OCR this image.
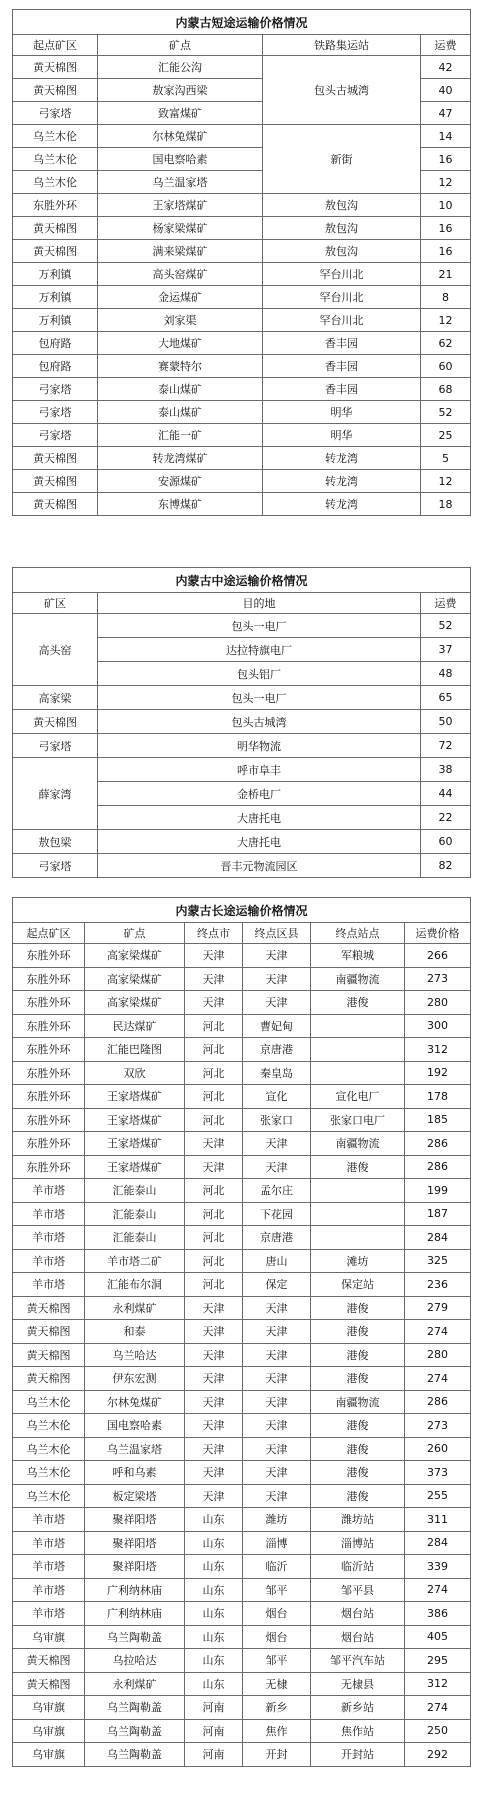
内蒙古短途运输价格情况			
起点矿区	矿点	铁路集运站	运费
黄天棉图	汇能公沟	包头古城湾	42
黄天棉图	敖家沟西梁		40
弓家塔	致富煤矿		47
乌兰木伦	尔林兔煤矿	新街	14
乌兰木伦	国电察哈素		16
乌兰木伦	乌兰温家塔		12
东胜外环	王家塔煤矿	敖包沟	10
黄天棉图	杨家梁煤矿	敖包沟	16
黄天棉图	满来梁煤矿	敖包沟	16
万利镇	高头窑煤矿	罕台川北	21
万利镇	金运煤矿	罕台川北	8
万利镇	刘家渠	罕台川北	12
包府路	大地煤矿	香丰园	62
包府路	赛蒙特尔	香丰园	60
弓家塔	泰山煤矿	香丰园	68
弓家塔	泰山煤矿	明华	52
弓家塔	汇能一矿	明华	25
黄天棉图	转龙湾煤矿	转龙湾	5
黄天棉图	安源煤矿	转龙湾	12
黄天棉图	东博煤矿	转龙湾	18
内蒙古中途运输价格情况		
矿区	目的地	运费
高头窑	包头一电厂	52
	达拉特旗电厂	37
	包头铝厂	48
高家梁	包头一电厂	65
黄天棉图	包头古城湾	50
弓家塔	明华物流	72
薛家湾	呼市阜丰	38
	金桥电厂	44
	大唐托电	22
敖包梁	大唐托电	60
弓家塔	晋丰元物流园区	82
内蒙古长途运输价格情况					
起点矿区	矿点	终点市	终点区县	终点站点	运费价格
东胜外环	高家梁煤矿	天津	天津	军粮城	266
东胜外环	高家梁煤矿	天津	天津	南疆物流	273
东胜外环	高家梁煤矿	天津	天津	港俊	280
东胜外环	民达煤矿	河北	曹妃甸		300
东胜外环	汇能巴隆图	河北	京唐港		312
东胜外环	双欣	河北	秦皇岛		192
东胜外环	王家塔煤矿	河北	宣化	宣化电厂	178
东胜外环	王家塔煤矿	河北	张家口	张家口电厂	185
东胜外环	王家塔煤矿	天津	天津	南疆物流	286
东胜外环	王家塔煤矿	天津	天津	港俊	286
羊市塔	汇能泰山	河北	孟尔庄		199
羊市塔	汇能泰山	河北	下花园		187
羊市塔	汇能泰山	河北	京唐港		284
羊市塔	羊市塔二矿	河北	唐山	滩坊	325
羊市塔	汇能布尔洞	河北	保定	保定站	236
黄天棉图	永利煤矿	天津	天津	港俊	279
黄天棉图	和泰	天津	天津	港俊	274
黄天棉图	乌兰哈达	天津	天津	港俊	280
黄天棉图	伊东宏测	天津	天津	港俊	274
乌兰木伦	尔林兔煤矿	天津	天津	南疆物流	286
乌兰木伦	国电察哈素	天津	天津	港俊	273
乌兰木伦	乌兰温家塔	天津	天津	港俊	260
乌兰木伦	呼和乌素	天津	天津	港俊	373
乌兰木伦	板定梁塔	天津	天津	港俊	255
羊市塔	聚祥阳塔	山东	潍坊	潍坊站	311
羊市塔	聚祥阳塔	山东	淄博	淄博站	284
羊市塔	聚祥阳塔	山东	临沂	临沂站	339
羊市塔	广利纳林庙	山东	邹平	邹平县	274
羊市塔	广利纳林庙	山东	烟台	烟台站	386
乌审旗	乌兰陶勒盖	山东	烟台	烟台站	405
黄天棉图	乌拉哈达	山东	邹平	邹平汽车站	295
黄天棉图	永利煤矿	山东	无棣	无棣县	312
乌审旗	乌兰陶勒盖	河南	新乡	新乡站	274
乌审旗	乌兰陶勒盖	河南	焦作	焦作站	250
乌审旗	乌兰陶勒盖	河南	开封	开封站	292
